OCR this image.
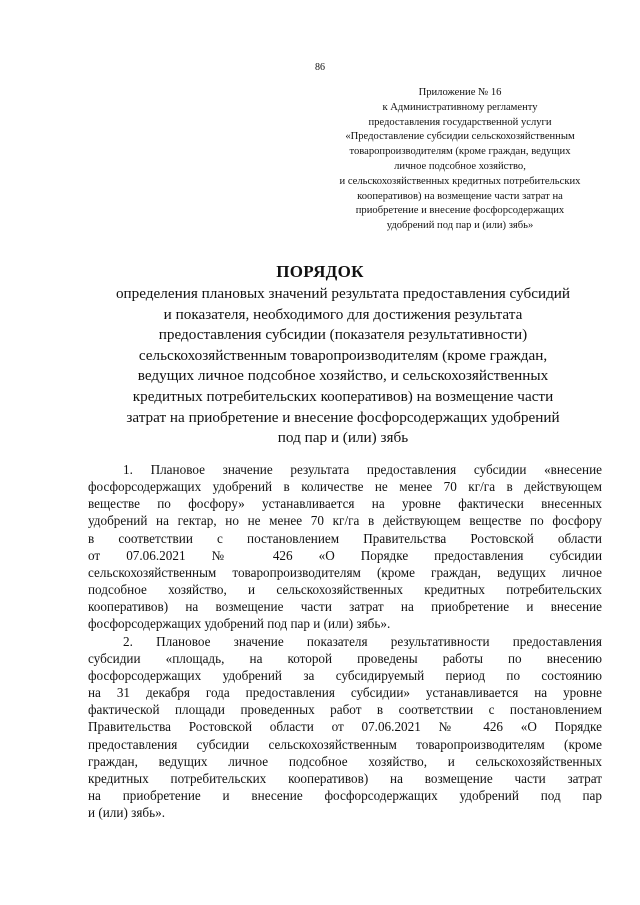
86
Приложение № 16
к Административному регламенту
предоставления государственной услуги
«Предоставление субсидии сельскохозяйственным
товаропроизводителям (кроме граждан, ведущих
личное подсобное хозяйство,
и сельскохозяйственных кредитных потребительских
кооперативов) на возмещение части затрат на
приобретение и внесение фосфорсодержащих
удобрений под пар и (или) зябь»
ПОРЯДОК
определения плановых значений результата предоставления субсидий
и показателя, необходимого для достижения результата
предоставления субсидии (показателя результативности)
сельскохозяйственным товаропроизводителям (кроме граждан,
ведущих личное подсобное хозяйство, и сельскохозяйственных
кредитных потребительских кооперативов) на возмещение части
затрат на приобретение и внесение фосфорсодержащих удобрений
под пар и (или) зябь
1. Плановое значение результата предоставления субсидии «внесение
фосфорсодержащих удобрений в количестве не менее 70 кг/га в действующем
веществе по фосфору» устанавливается на уровне фактически внесенных
удобрений на гектар, но не менее 70 кг/га в действующем веществе по фосфору
в соответствии с постановлением Правительства Ростовской области
от 07.06.2021 № 426 «О Порядке предоставления субсидии
сельскохозяйственным товаропроизводителям (кроме граждан, ведущих личное
подсобное хозяйство, и сельскохозяйственных кредитных потребительских
кооперативов) на возмещение части затрат на приобретение и внесение
фосфорсодержащих удобрений под пар и (или) зябь».
2. Плановое значение показателя результативности предоставления
субсидии «площадь, на которой проведены работы по внесению
фосфорсодержащих удобрений за субсидируемый период по состоянию
на 31 декабря года предоставления субсидии» устанавливается на уровне
фактической площади проведенных работ в соответствии с постановлением
Правительства Ростовской области от 07.06.2021 № 426 «О Порядке
предоставления субсидии сельскохозяйственным товаропроизводителям (кроме
граждан, ведущих личное подсобное хозяйство, и сельскохозяйственных
кредитных потребительских кооперативов) на возмещение части затрат
на приобретение и внесение фосфорсодержащих удобрений под пар
и (или) зябь».
